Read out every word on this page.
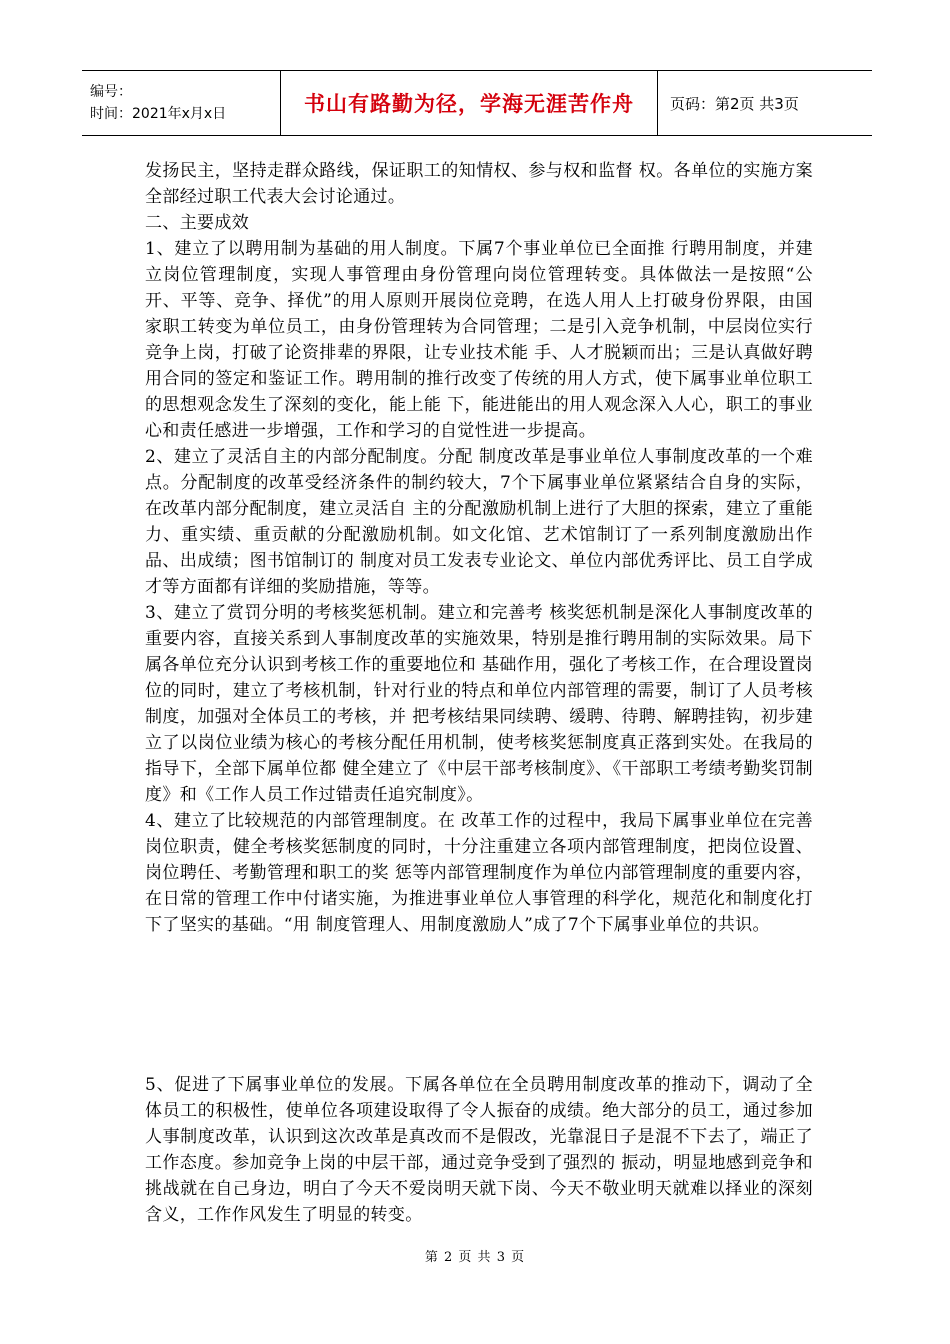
编号：
时间：2021年x月x日	书山有路勤为径，学海无涯苦作舟 页码：第2页 共3页

发扬民主，坚持走群众路线，保证职工的知情权、参与权和监督 权。各单位的实施方案全部经过职工代表大会讨论通过。

二、主要成效

1、建立了以聘用制为基础的用人制度。下属7个事业单位已全面推 行聘用制度，并建立岗位管理制度，实现人事管理由身份管理向岗位管理转变。具体做法一是按照“公开、平等、竞争、择优”的用人原则开展岗位竞聘，在选人用人上打破身份界限，由国家职工转变为单位员工，由身份管理转为合同管理；二是引入竞争机制，中层岗位实行竞争上岗，打破了论资排辈的界限，让专业技术能 手、人才脱颖而出；三是认真做好聘用合同的签定和鉴证工作。聘用制的推行改变了传统的用人方式，使下属事业单位职工的思想观念发生了深刻的变化，能上能 下，能进能出的用人观念深入人心，职工的事业心和责任感进一步增强，工作和学习的自觉性进一步提高。

2、建立了灵活自主的内部分配制度。分配 制度改革是事业单位人事制度改革的一个难点。分配制度的改革受经济条件的制约较大，7个下属事业单位紧紧结合自身的实际，在改革内部分配制度，建立灵活自 主的分配激励机制上进行了大胆的探索，建立了重能力、重实绩、重贡献的分配激励机制。如文化馆、艺术馆制订了一系列制度激励出作品、出成绩；图书馆制订的 制度对员工发表专业论文、单位内部优秀评比、员工自学成才等方面都有详细的奖励措施，等等。

3、建立了赏罚分明的考核奖惩机制。建立和完善考 核奖惩机制是深化人事制度改革的重要内容，直接关系到人事制度改革的实施效果，特别是推行聘用制的实际效果。局下属各单位充分认识到考核工作的重要地位和 基础作用，强化了考核工作，在合理设置岗位的同时，建立了考核机制，针对行业的特点和单位内部管理的需要，制订了人员考核制度，加强对全体员工的考核，并 把考核结果同续聘、缓聘、待聘、解聘挂钩，初步建立了以岗位业绩为核心的考核分配任用机制，使考核奖惩制度真正落到实处。在我局的指导下，全部下属单位都 健全建立了《中层干部考核制度》、《干部职工考绩考勤奖罚制度》和《工作人员工作过错责任追究制度》。

4、建立了比较规范的内部管理制度。在 改革工作的过程中，我局下属事业单位在完善岗位职责，健全考核奖惩制度的同时，十分注重建立各项内部管理制度，把岗位设置、岗位聘任、考勤管理和职工的奖 惩等内部管理制度作为单位内部管理制度的重要内容，在日常的管理工作中付诸实施，为推进事业单位人事管理的科学化，规范化和制度化打下了坚实的基础。“用 制度管理人、用制度激励人”成了7个下属事业单位的共识。

5、促进了下属事业单位的发展。下属各单位在全员聘用制度改革的推动下，调动了全体员工的积极性，使单位各项建设取得了令人振奋的成绩。绝大部分的员工，通过参加人事制度改革，认识到这次改革是真改而不是假改，光靠混日子是混不下去了，端正了工作态度。参加竞争上岗的中层干部，通过竞争受到了强烈的 振动，明显地感到竞争和挑战就在自己身边，明白了今天不爱岗明天就下岗、今天不敬业明天就难以择业的深刻含义，工作作风发生了明显的转变。

第 2 页 共 3 页
